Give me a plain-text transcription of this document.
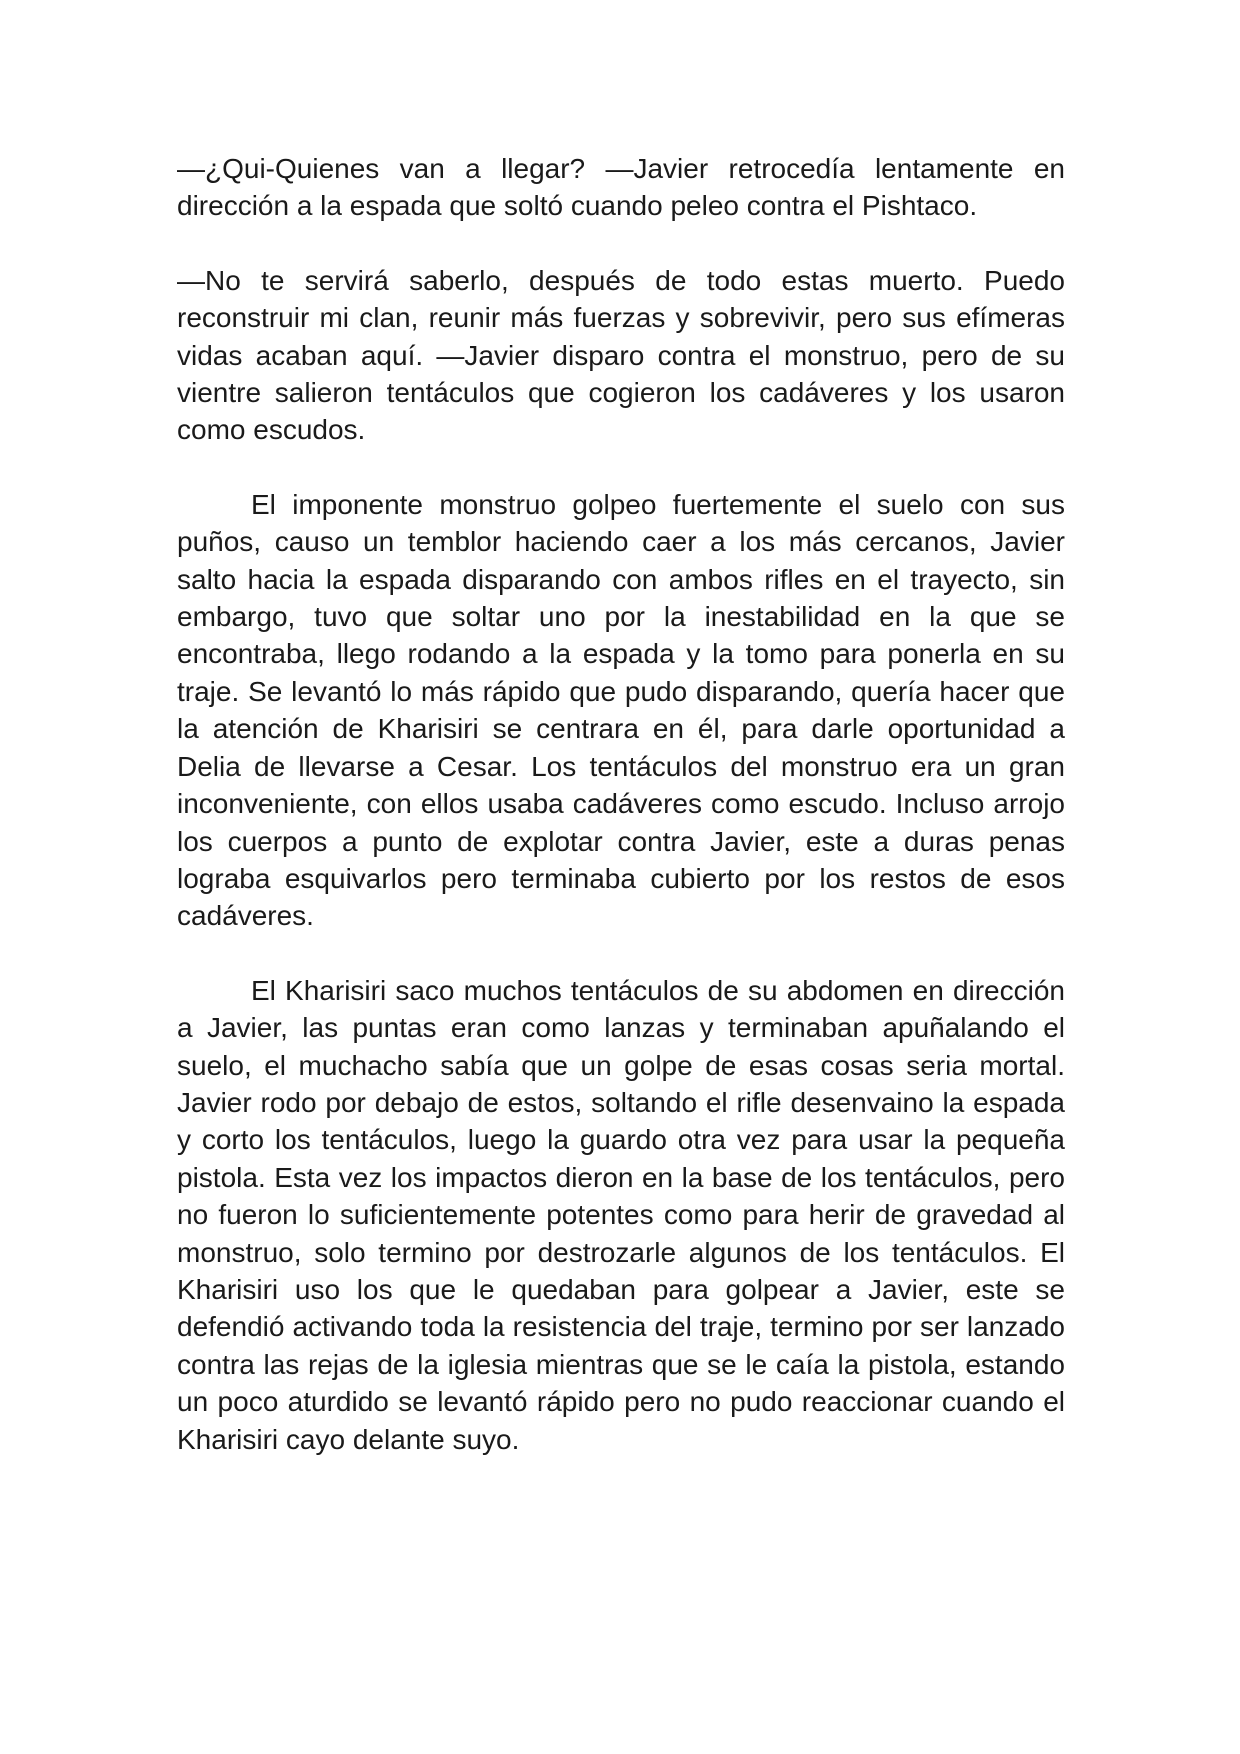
—¿Qui-Quienes van a llegar? —Javier retrocedía lentamente en dirección a la espada que soltó cuando peleo contra el Pishtaco.

—No te servirá saberlo, después de todo estas muerto. Puedo reconstruir mi clan, reunir más fuerzas y sobrevivir, pero sus efímeras vidas acaban aquí. —Javier disparo contra el monstruo, pero de su vientre salieron tentáculos que cogieron los cadáveres y los usaron como escudos.

El imponente monstruo golpeo fuertemente el suelo con sus puños, causo un temblor haciendo caer a los más cercanos, Javier salto hacia la espada disparando con ambos rifles en el trayecto, sin embargo, tuvo que soltar uno por la inestabilidad en la que se encontraba, llego rodando a la espada y la tomo para ponerla en su traje. Se levantó lo más rápido que pudo disparando, quería hacer que la atención de Kharisiri se centrara en él, para darle oportunidad a Delia de llevarse a Cesar. Los tentáculos del monstruo era un gran inconveniente, con ellos usaba cadáveres como escudo. Incluso arrojo los cuerpos a punto de explotar contra Javier, este a duras penas lograba esquivarlos pero terminaba cubierto por los restos de esos cadáveres.

El Kharisiri saco muchos tentáculos de su abdomen en dirección a Javier, las puntas eran como lanzas y terminaban apuñalando el suelo, el muchacho sabía que un golpe de esas cosas seria mortal. Javier rodo por debajo de estos, soltando el rifle desenvaino la espada y corto los tentáculos, luego la guardo otra vez para usar la pequeña pistola. Esta vez los impactos dieron en la base de los tentáculos, pero no fueron lo suficientemente potentes como para herir de gravedad al monstruo, solo termino por destrozarle algunos de los tentáculos. El Kharisiri uso los que le quedaban para golpear a Javier, este se defendió activando toda la resistencia del traje, termino por ser lanzado contra las rejas de la iglesia mientras que se le caía la pistola, estando un poco aturdido se levantó rápido pero no pudo reaccionar cuando el Kharisiri cayo delante suyo.
